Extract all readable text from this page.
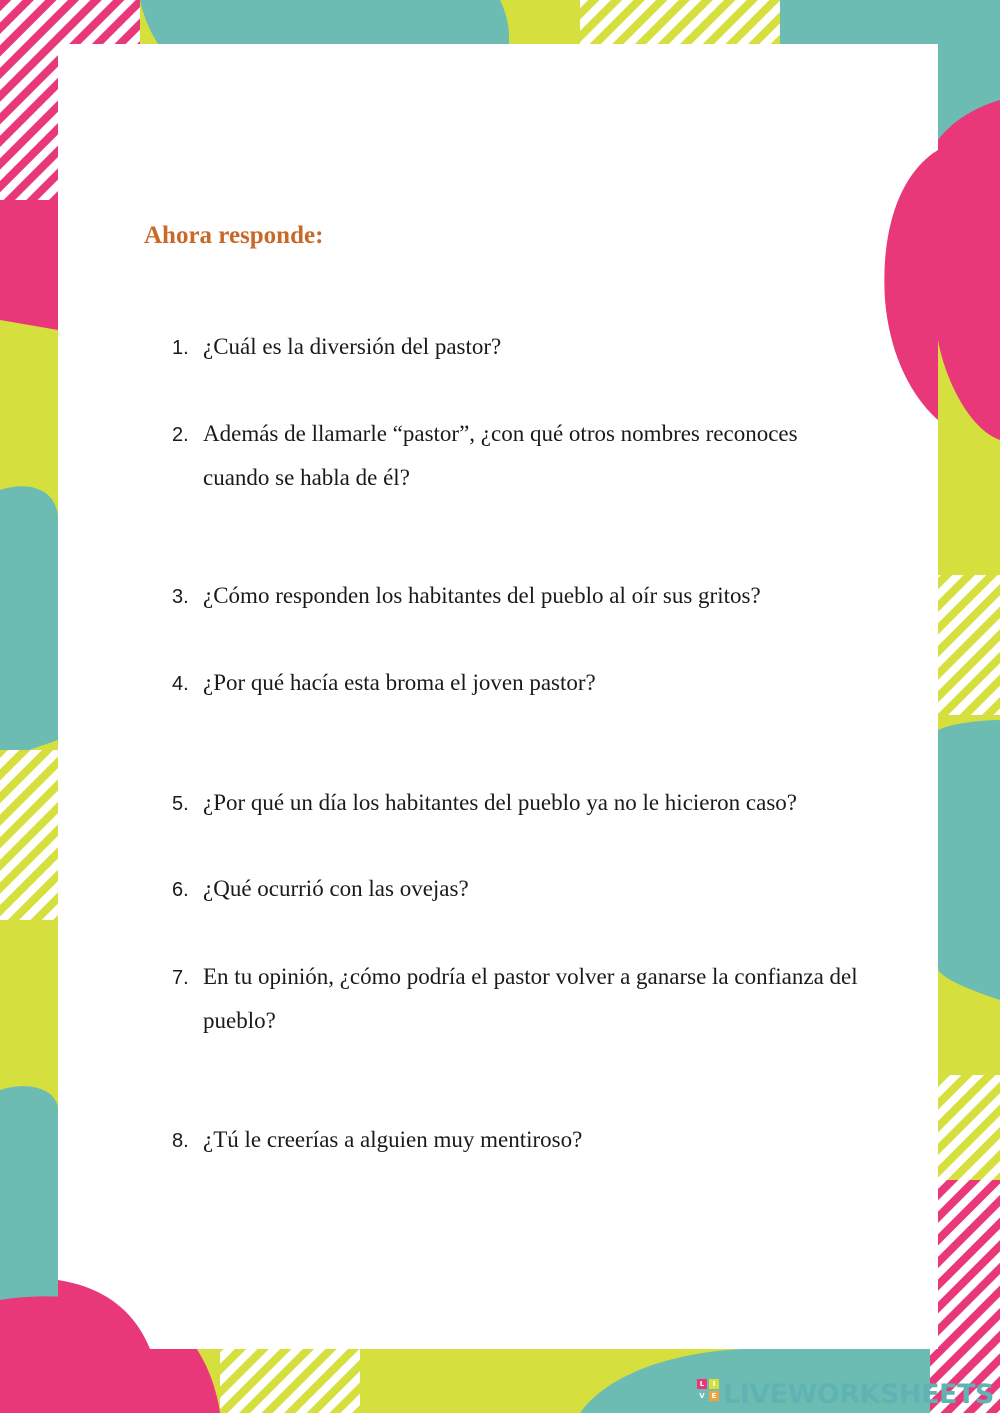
Ahora responde:
1. ¿Cuál es la diversión del pastor?
2. Además de llamarle “pastor”, ¿con qué otros nombres reconoces cuando se habla de él?
3. ¿Cómo responden los habitantes del pueblo al oír sus gritos?
4. ¿Por qué hacía esta broma el joven pastor?
5. ¿Por qué un día los habitantes del pueblo ya no le hicieron caso?
6. ¿Qué ocurrió con las ovejas?
7. En tu opinión, ¿cómo podría el pastor volver a ganarse la confianza del pueblo?
8. ¿Tú le creerías a alguien muy mentiroso?
L	I
V E LIVEWORKSHEETS
